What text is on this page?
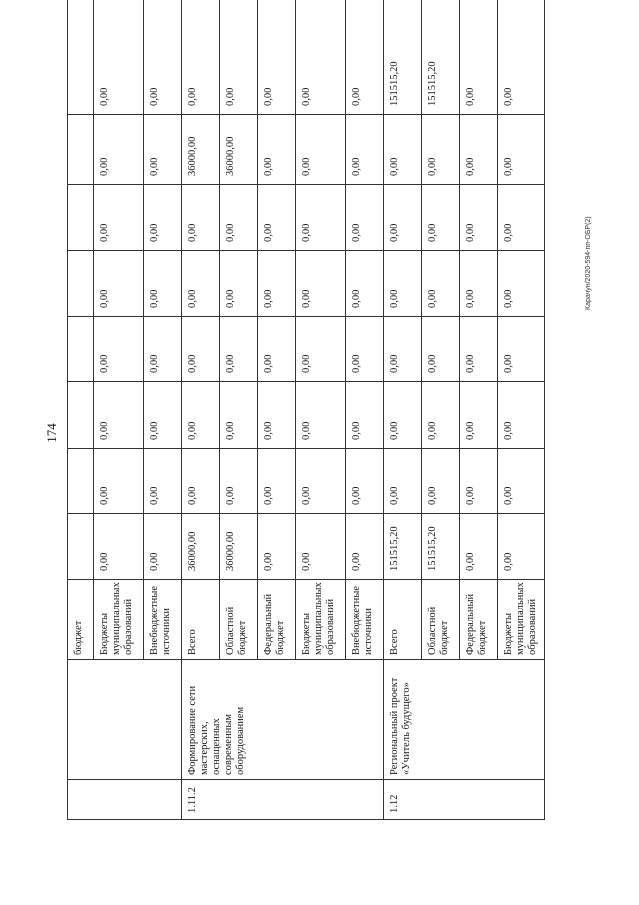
174
Карачун/2020-594-пп-ОБР(2)
		бюджет								
		Бюджеты муниципальных образований	0,00	0,00	0,00	0,00	0,00	0,00	0,00	0,00
		Внебюджетные источники	0,00	0,00	0,00	0,00	0,00	0,00	0,00	0,00
1.11.2	Формирование сети мастерских, оснащенных современным оборудованием	Всего	36000,00	0,00	0,00	0,00	0,00	0,00	36000,00	0,00
		Областной бюджет	36000,00	0,00	0,00	0,00	0,00	0,00	36000,00	0,00
		Федеральный бюджет	0,00	0,00	0,00	0,00	0,00	0,00	0,00	0,00
		Бюджеты муниципальных образований	0,00	0,00	0,00	0,00	0,00	0,00	0,00	0,00
		Внебюджетные источники	0,00	0,00	0,00	0,00	0,00	0,00	0,00	0,00
1.12	Региональный проект «Учитель будущего»	Всего	151515,20	0,00	0,00	0,00	0,00	0,00	0,00	151515,20
		Областной бюджет	151515,20	0,00	0,00	0,00	0,00	0,00	0,00	151515,20
		Федеральный бюджет	0,00	0,00	0,00	0,00	0,00	0,00	0,00	0,00
		Бюджеты муниципальных образований	0,00	0,00	0,00	0,00	0,00	0,00	0,00	0,00
